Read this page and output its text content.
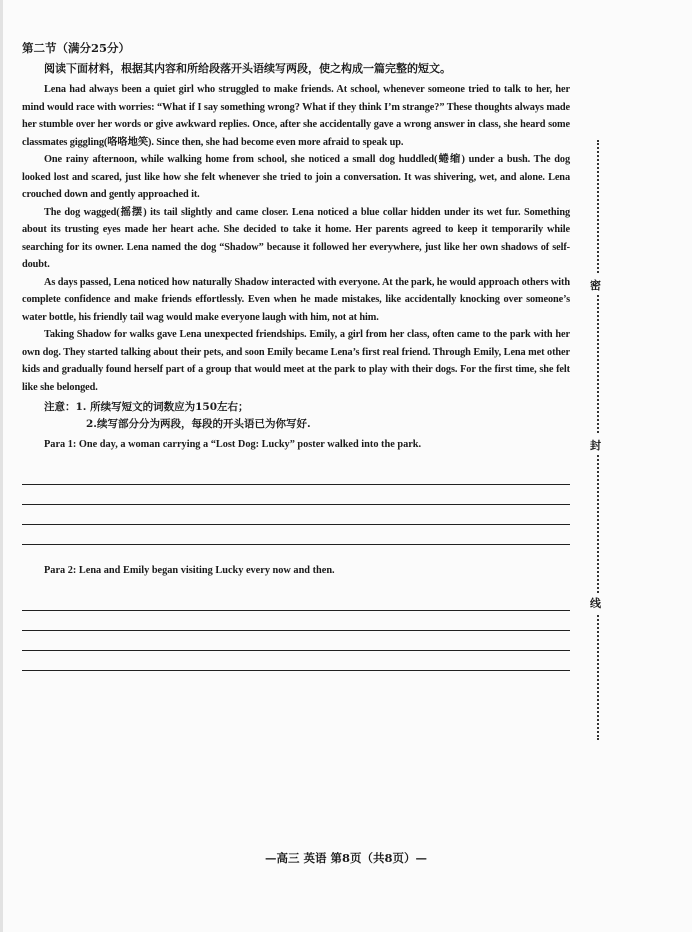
第二节（满分25分）
阅读下面材料，根据其内容和所给段落开头语续写两段，使之构成一篇完整的短文。

Lena had always been a quiet girl who struggled to make friends. At school, whenever someone tried to talk to her, her mind would race with worries: “What if I say something wrong? What if they think I’m strange?” These thoughts always made her stumble over her words or give awkward replies. Once, after she accidentally gave a wrong answer in class, she heard some classmates giggling(咯咯地笑). Since then, she had become even more afraid to speak up.

One rainy afternoon, while walking home from school, she noticed a small dog huddled(蜷缩) under a bush. The dog looked lost and scared, just like how she felt whenever she tried to join a conversation. It was shivering, wet, and alone. Lena crouched down and gently approached it.

The dog wagged(摇摆) its tail slightly and came closer. Lena noticed a blue collar hidden under its wet fur. Something about its trusting eyes made her heart ache. She decided to take it home. Her parents agreed to keep it temporarily while searching for its owner. Lena named the dog “Shadow” because it followed her everywhere, just like her own shadows of self-doubt.

As days passed, Lena noticed how naturally Shadow interacted with everyone. At the park, he would approach others with complete confidence and make friends effortlessly. Even when he made mistakes, like accidentally knocking over someone’s water bottle, his friendly tail wag would make everyone laugh with him, not at him.

Taking Shadow for walks gave Lena unexpected friendships. Emily, a girl from her class, often came to the park with her own dog. They started talking about their pets, and soon Emily became Lena’s first real friend. Through Emily, Lena met other kids and gradually found herself part of a group that would meet at the park to play with their dogs. For the first time, she felt like she belonged.

注意：1. 所续写短文的词数应为150左右；
2.续写部分分为两段，每段的开头语已为你写好.
Para 1: One day, a woman carrying a “Lost Dog: Lucky” poster walked into the park.
Para 2: Lena and Emily began visiting Lucky every now and then.
密
封
线
—高三 英语 第8页（共8页）—
